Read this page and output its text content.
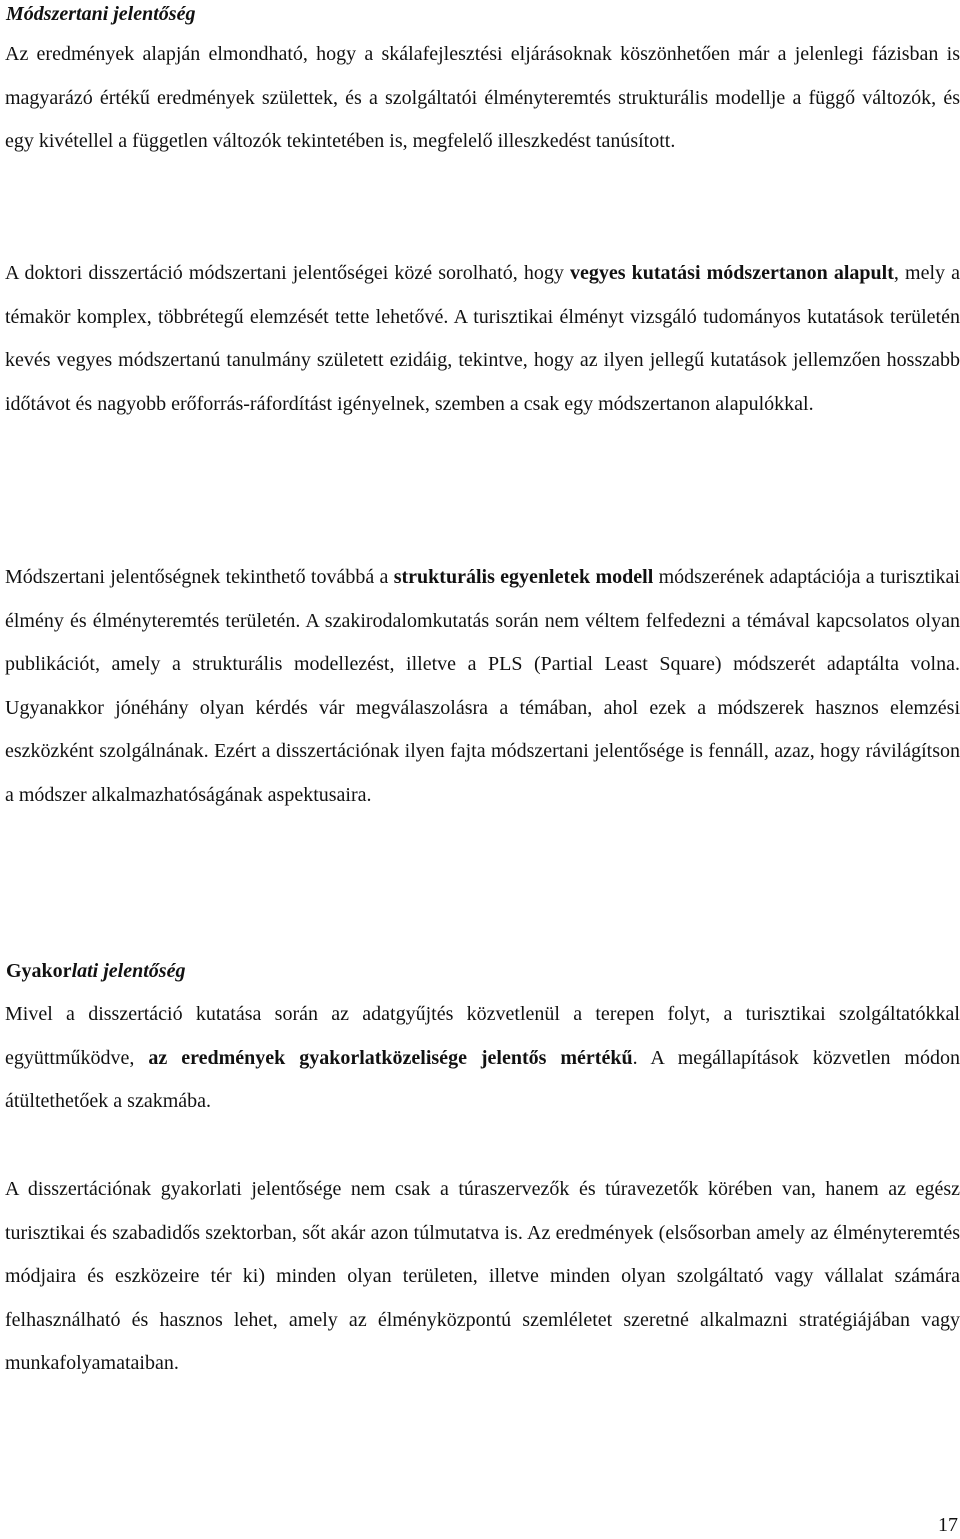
Módszertani jelentőség

Az eredmények alapján elmondható, hogy a skálafejlesztési eljárásoknak köszönhetően már a jelenlegi fázisban is magyarázó értékű eredmények születtek, és a szolgáltatói élményteremtés strukturális modellje a függő változók, és egy kivétellel a független változók tekintetében is, megfelelő illeszkedést tanúsított.

A doktori disszertáció módszertani jelentőségei közé sorolható, hogy vegyes kutatási módszertanon alapult, mely a témakör komplex, többrétegű elemzését tette lehetővé. A turisztikai élményt vizsgáló tudományos kutatások területén kevés vegyes módszertanú tanulmány született ezidáig, tekintve, hogy az ilyen jellegű kutatások jellemzően hosszabb időtávot és nagyobb erőforrás-ráfordítást igényelnek, szemben a csak egy módszertanon alapulókkal.

Módszertani jelentőségnek tekinthető továbbá a strukturális egyenletek modell módszerének adaptációja a turisztikai élmény és élményteremtés területén. A szakirodalomkutatás során nem véltem felfedezni a témával kapcsolatos olyan publikációt, amely a strukturális modellezést, illetve a PLS (Partial Least Square) módszerét adaptálta volna. Ugyanakkor jónéhány olyan kérdés vár megválaszolásra a témában, ahol ezek a módszerek hasznos elemzési eszközként szolgálnának. Ezért a disszertációnak ilyen fajta módszertani jelentősége is fennáll, azaz, hogy rávilágítson a módszer alkalmazhatóságának aspektusaira.

Gyakorlati jelentőség

Mivel a disszertáció kutatása során az adatgyűjtés közvetlenül a terepen folyt, a turisztikai szolgáltatókkal együttműködve, az eredmények gyakorlatközelisége jelentős mértékű. A megállapítások közvetlen módon átültethetőek a szakmába.

A disszertációnak gyakorlati jelentősége nem csak a túraszervezők és túravezetők körében van, hanem az egész turisztikai és szabadidős szektorban, sőt akár azon túlmutatva is. Az eredmények (elsősorban amely az élményteremtés módjaira és eszközeire tér ki) minden olyan területen, illetve minden olyan szolgáltató vagy vállalat számára felhasználható és hasznos lehet, amely az élményközpontú szemléletet szeretné alkalmazni stratégiájában vagy munkafolyamataiban.

17
